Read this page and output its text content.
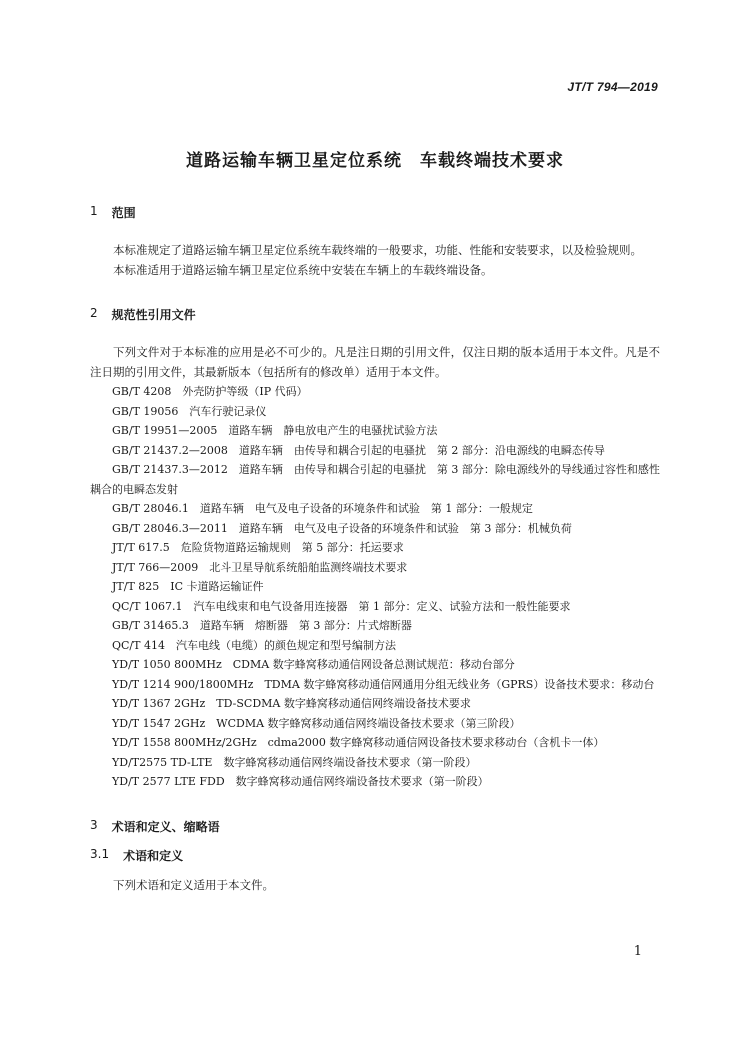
JT/T 794—2019
道路运输车辆卫星定位系统　车载终端技术要求
1 范围

本标准规定了道路运输车辆卫星定位系统车载终端的一般要求，功能、性能和安装要求，以及检验规则。

本标准适用于道路运输车辆卫星定位系统中安装在车辆上的车载终端设备。

2 规范性引用文件

下列文件对于本标准的应用是必不可少的。凡是注日期的引用文件，仅注日期的版本适用于本文件。凡是不注日期的引用文件，其最新版本（包括所有的修改单）适用于本文件。

GB/T 4208　外壳防护等级（IP 代码）

GB/T 19056　汽车行驶记录仪

GB/T 19951—2005　道路车辆　静电放电产生的电骚扰试验方法

GB/T 21437.2—2008　道路车辆　由传导和耦合引起的电骚扰　第 2 部分：沿电源线的电瞬态传导

GB/T 21437.3—2012　道路车辆　由传导和耦合引起的电骚扰　第 3 部分：除电源线外的导线通过容性和感性耦合的电瞬态发射

GB/T 28046.1　道路车辆　电气及电子设备的环境条件和试验　第 1 部分：一般规定

GB/T 28046.3—2011　道路车辆　电气及电子设备的环境条件和试验　第 3 部分：机械负荷

JT/T 617.5　危险货物道路运输规则　第 5 部分：托运要求

JT/T 766—2009　北斗卫星导航系统船舶监测终端技术要求

JT/T 825　IC 卡道路运输证件

QC/T 1067.1　汽车电线束和电气设备用连接器　第 1 部分：定义、试验方法和一般性能要求

GB/T 31465.3　道路车辆　熔断器　第 3 部分：片式熔断器

QC/T 414　汽车电线（电缆）的颜色规定和型号编制方法

YD/T 1050 800MHz　CDMA 数字蜂窝移动通信网设备总测试规范：移动台部分

YD/T 1214 900/1800MHz　TDMA 数字蜂窝移动通信网通用分组无线业务（GPRS）设备技术要求：移动台

YD/T 1367 2GHz　TD-SCDMA 数字蜂窝移动通信网终端设备技术要求

YD/T 1547 2GHz　WCDMA 数字蜂窝移动通信网终端设备技术要求（第三阶段）

YD/T 1558 800MHz/2GHz　cdma2000 数字蜂窝移动通信网设备技术要求移动台（含机卡一体）

YD/T2575 TD-LTE　数字蜂窝移动通信网终端设备技术要求（第一阶段）

YD/T 2577 LTE FDD　数字蜂窝移动通信网终端设备技术要求（第一阶段）

3 术语和定义、缩略语
3.1 术语和定义

下列术语和定义适用于本文件。

1
